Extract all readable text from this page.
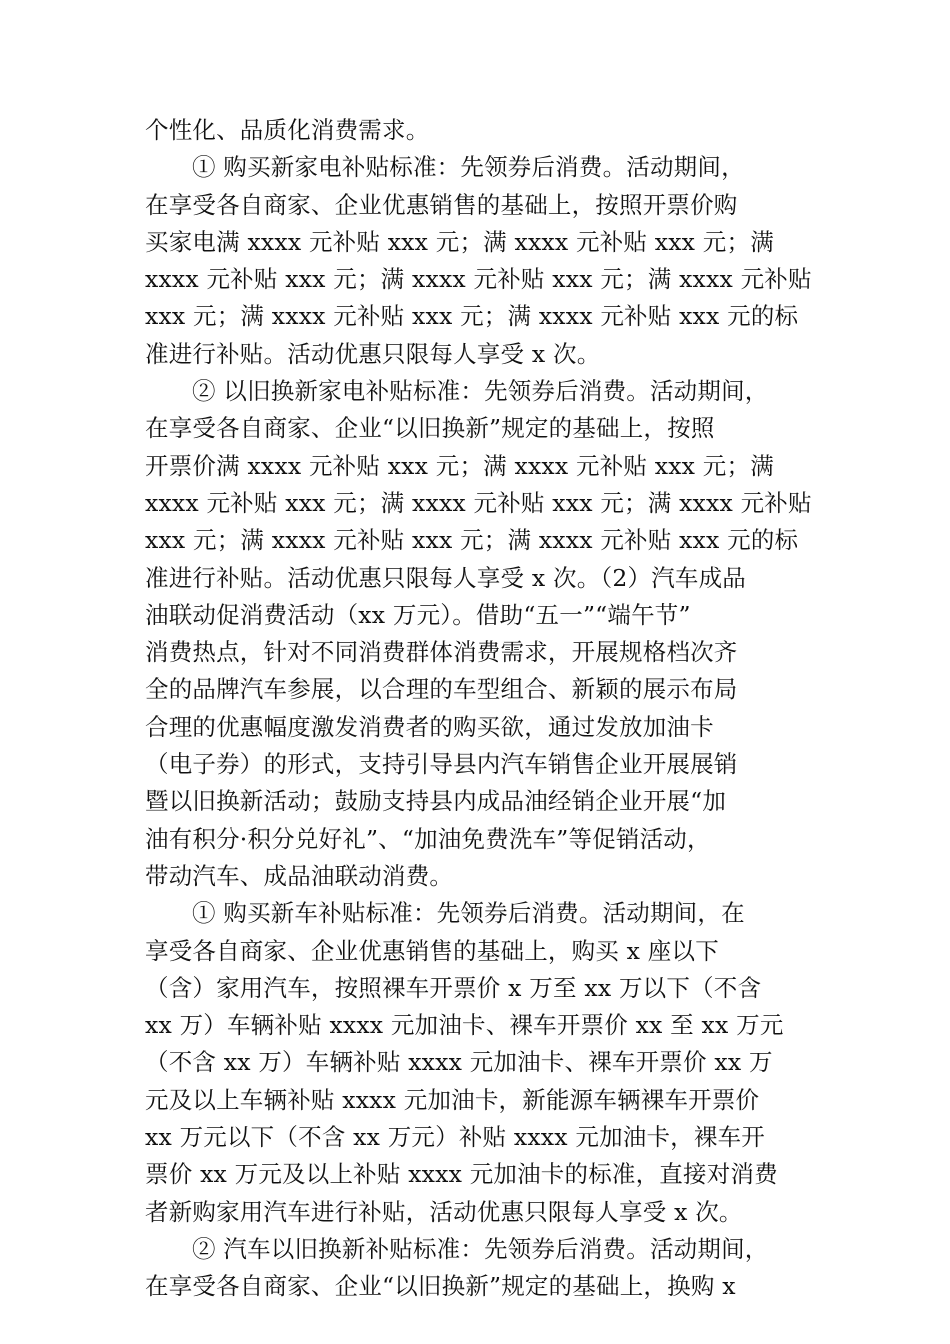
个性化、品质化消费需求。
① 购买新家电补贴标准：先领券后消费。活动期间，
在享受各自商家、企业优惠销售的基础上，按照开票价购
买家电满 xxxx 元补贴 xxx 元；满 xxxx 元补贴 xxx 元；满
xxxx 元补贴 xxx 元；满 xxxx 元补贴 xxx 元；满 xxxx 元补贴
xxx 元；满 xxxx 元补贴 xxx 元；满 xxxx 元补贴 xxx 元的标
准进行补贴。活动优惠只限每人享受 x 次。
② 以旧换新家电补贴标准：先领券后消费。活动期间，
在享受各自商家、企业“以旧换新”规定的基础上，按照
开票价满 xxxx 元补贴 xxx 元；满 xxxx 元补贴 xxx 元；满
xxxx 元补贴 xxx 元；满 xxxx 元补贴 xxx 元；满 xxxx 元补贴
xxx 元；满 xxxx 元补贴 xxx 元；满 xxxx 元补贴 xxx 元的标
准进行补贴。活动优惠只限每人享受 x 次。（2）汽车成品
油联动促消费活动（xx 万元）。借助“五一”“端午节”
消费热点，针对不同消费群体消费需求，开展规格档次齐
全的品牌汽车参展，以合理的车型组合、新颖的展示布局
合理的优惠幅度激发消费者的购买欲，通过发放加油卡
（电子券）的形式，支持引导县内汽车销售企业开展展销
暨以旧换新活动；鼓励支持县内成品油经销企业开展“加
油有积分·积分兑好礼”、“加油免费洗车”等促销活动，
带动汽车、成品油联动消费。
① 购买新车补贴标准：先领券后消费。活动期间，在
享受各自商家、企业优惠销售的基础上，购买 x 座以下
（含）家用汽车，按照裸车开票价 x 万至 xx 万以下（不含
xx 万）车辆补贴 xxxx 元加油卡、裸车开票价 xx 至 xx 万元
（不含 xx 万）车辆补贴 xxxx 元加油卡、裸车开票价 xx 万
元及以上车辆补贴 xxxx 元加油卡，新能源车辆裸车开票价
xx 万元以下（不含 xx 万元）补贴 xxxx 元加油卡，裸车开
票价 xx 万元及以上补贴 xxxx 元加油卡的标准，直接对消费
者新购家用汽车进行补贴，活动优惠只限每人享受 x 次。
② 汽车以旧换新补贴标准：先领券后消费。活动期间，
在享受各自商家、企业“以旧换新”规定的基础上，换购 x
